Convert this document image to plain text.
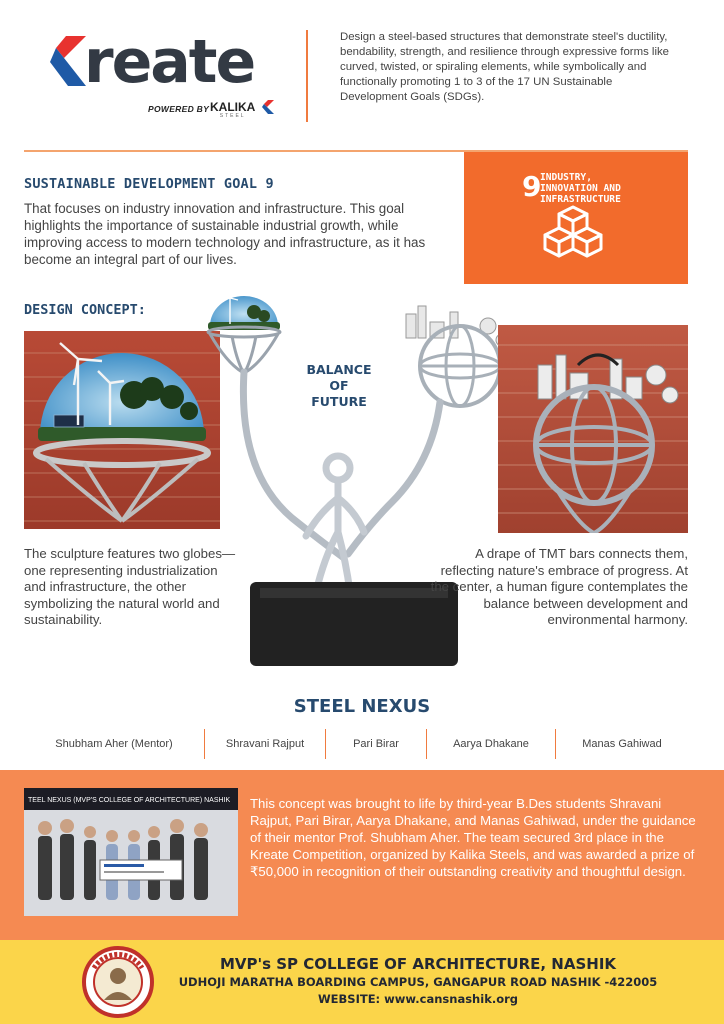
reate
POWERED BY KALIKA
STEEL

Design a steel-based structures that demonstrate steel's ductility, bendability, strength, and resilience through expressive forms like curved, twisted, or spiraling elements, while symbolically and functionally promoting 1 to 3 of the 17 UN Sustainable Development Goals (SDGs).

SUSTAINABLE DEVELOPMENT GOAL 9

That focuses on industry innovation and infrastructure. This goal highlights the importance of sustainable industrial growth, while improving access to modern technology and infrastructure, as it has become an integral part of our lives.

9
INDUSTRY, INNOVATION AND INFRASTRUCTURE
DESIGN CONCEPT:
BALANCE
OF
FUTURE

The sculpture features two globes—one representing industrialization and infrastructure, the other symbolizing the natural world and sustainability.

A drape of TMT bars connects them, reflecting nature's embrace of progress. At the center, a human figure contemplates the balance between development and environmental harmony.

STEEL NEXUS
Shubham Aher (Mentor)	Shravani Rajput	Pari Birar	Aarya Dhakane	Manas Gahiwad
TEEL NEXUS (MVP'S COLLEGE OF ARCHITECTURE) NASHIK This concept was brought to life by third-year B.Des students Shravani Rajput, Pari Birar, Aarya Dhakane, and Manas Gahiwad, under the guidance of their mentor Prof. Shubham Aher. The team secured 3rd place in the Kreate Competition, organized by Kalika Steels, and was awarded a prize of ₹50,000 in recognition of their outstanding creativity and thoughtful design.

MVP's SP COLLEGE OF ARCHITECTURE, NASHIK
UDHOJI MARATHA BOARDING CAMPUS, GANGAPUR ROAD NASHIK -422005
WEBSITE: www.cansnashik.org
